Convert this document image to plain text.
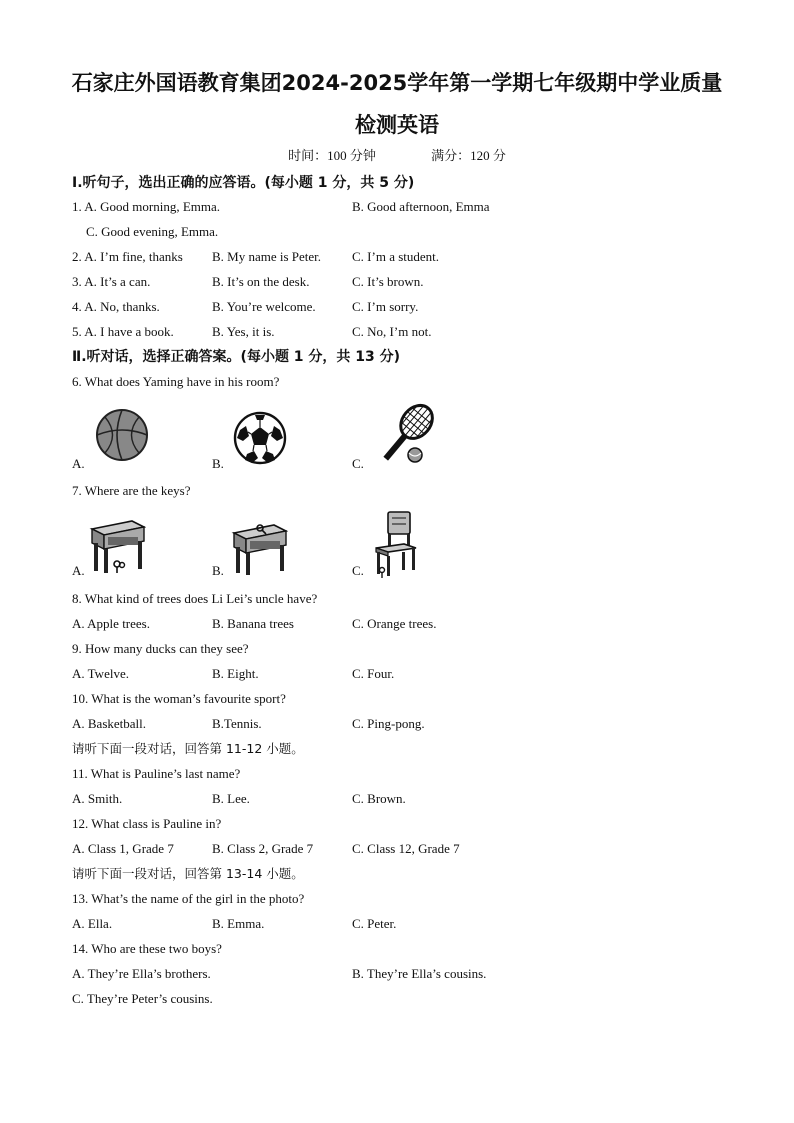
石家庄外国语教育集团2024-2025学年第一学期七年级期中学业质量
检测英语
时间：100 分钟	满分：120 分
Ⅰ.听句子，选出正确的应答语。(每小题 1 分，共 5 分)
1. A. Good morning, Emma.	B. Good afternoon, Emma
C. Good evening, Emma.
2. A. I’m fine, thanks B. My name is Peter. C. I’m a student.
3. A. It’s a can.	B. It’s on the desk.	C. It’s brown.
4. A. No, thanks.	B. You’re welcome.	C. I’m sorry.
5. A. I have a book.	B. Yes, it is.	C. No, I’m not.
Ⅱ.听对话，选择正确答案。(每小题 1 分，共 13 分)
6. What does Yaming have in his room?
A.	B.	C.
7. Where are the keys?
A.	B.	C.
8. What kind of trees does Li Lei’s uncle have?
A. Apple trees.	B. Banana trees	C. Orange trees.
9. How many ducks can they see?
A. Twelve.	B. Eight.	C. Four.
10. What is the woman’s favourite sport?
A. Basketball.	B.Tennis.	C. Ping-pong.
请听下面一段对话，回答第 11-12 小题。
11. What is Pauline’s last name?
A. Smith.	B. Lee.	C. Brown.
12. What class is Pauline in?
A. Class 1, Grade 7	B. Class 2, Grade 7	C. Class 12, Grade 7
请听下面一段对话，回答第 13-14 小题。
13. What’s the name of the girl in the photo?
A. Ella.	B. Emma.	C. Peter.
14. Who are these two boys?
A. They’re Ella’s brothers.	B. They’re Ella’s cousins.
C. They’re Peter’s cousins.
